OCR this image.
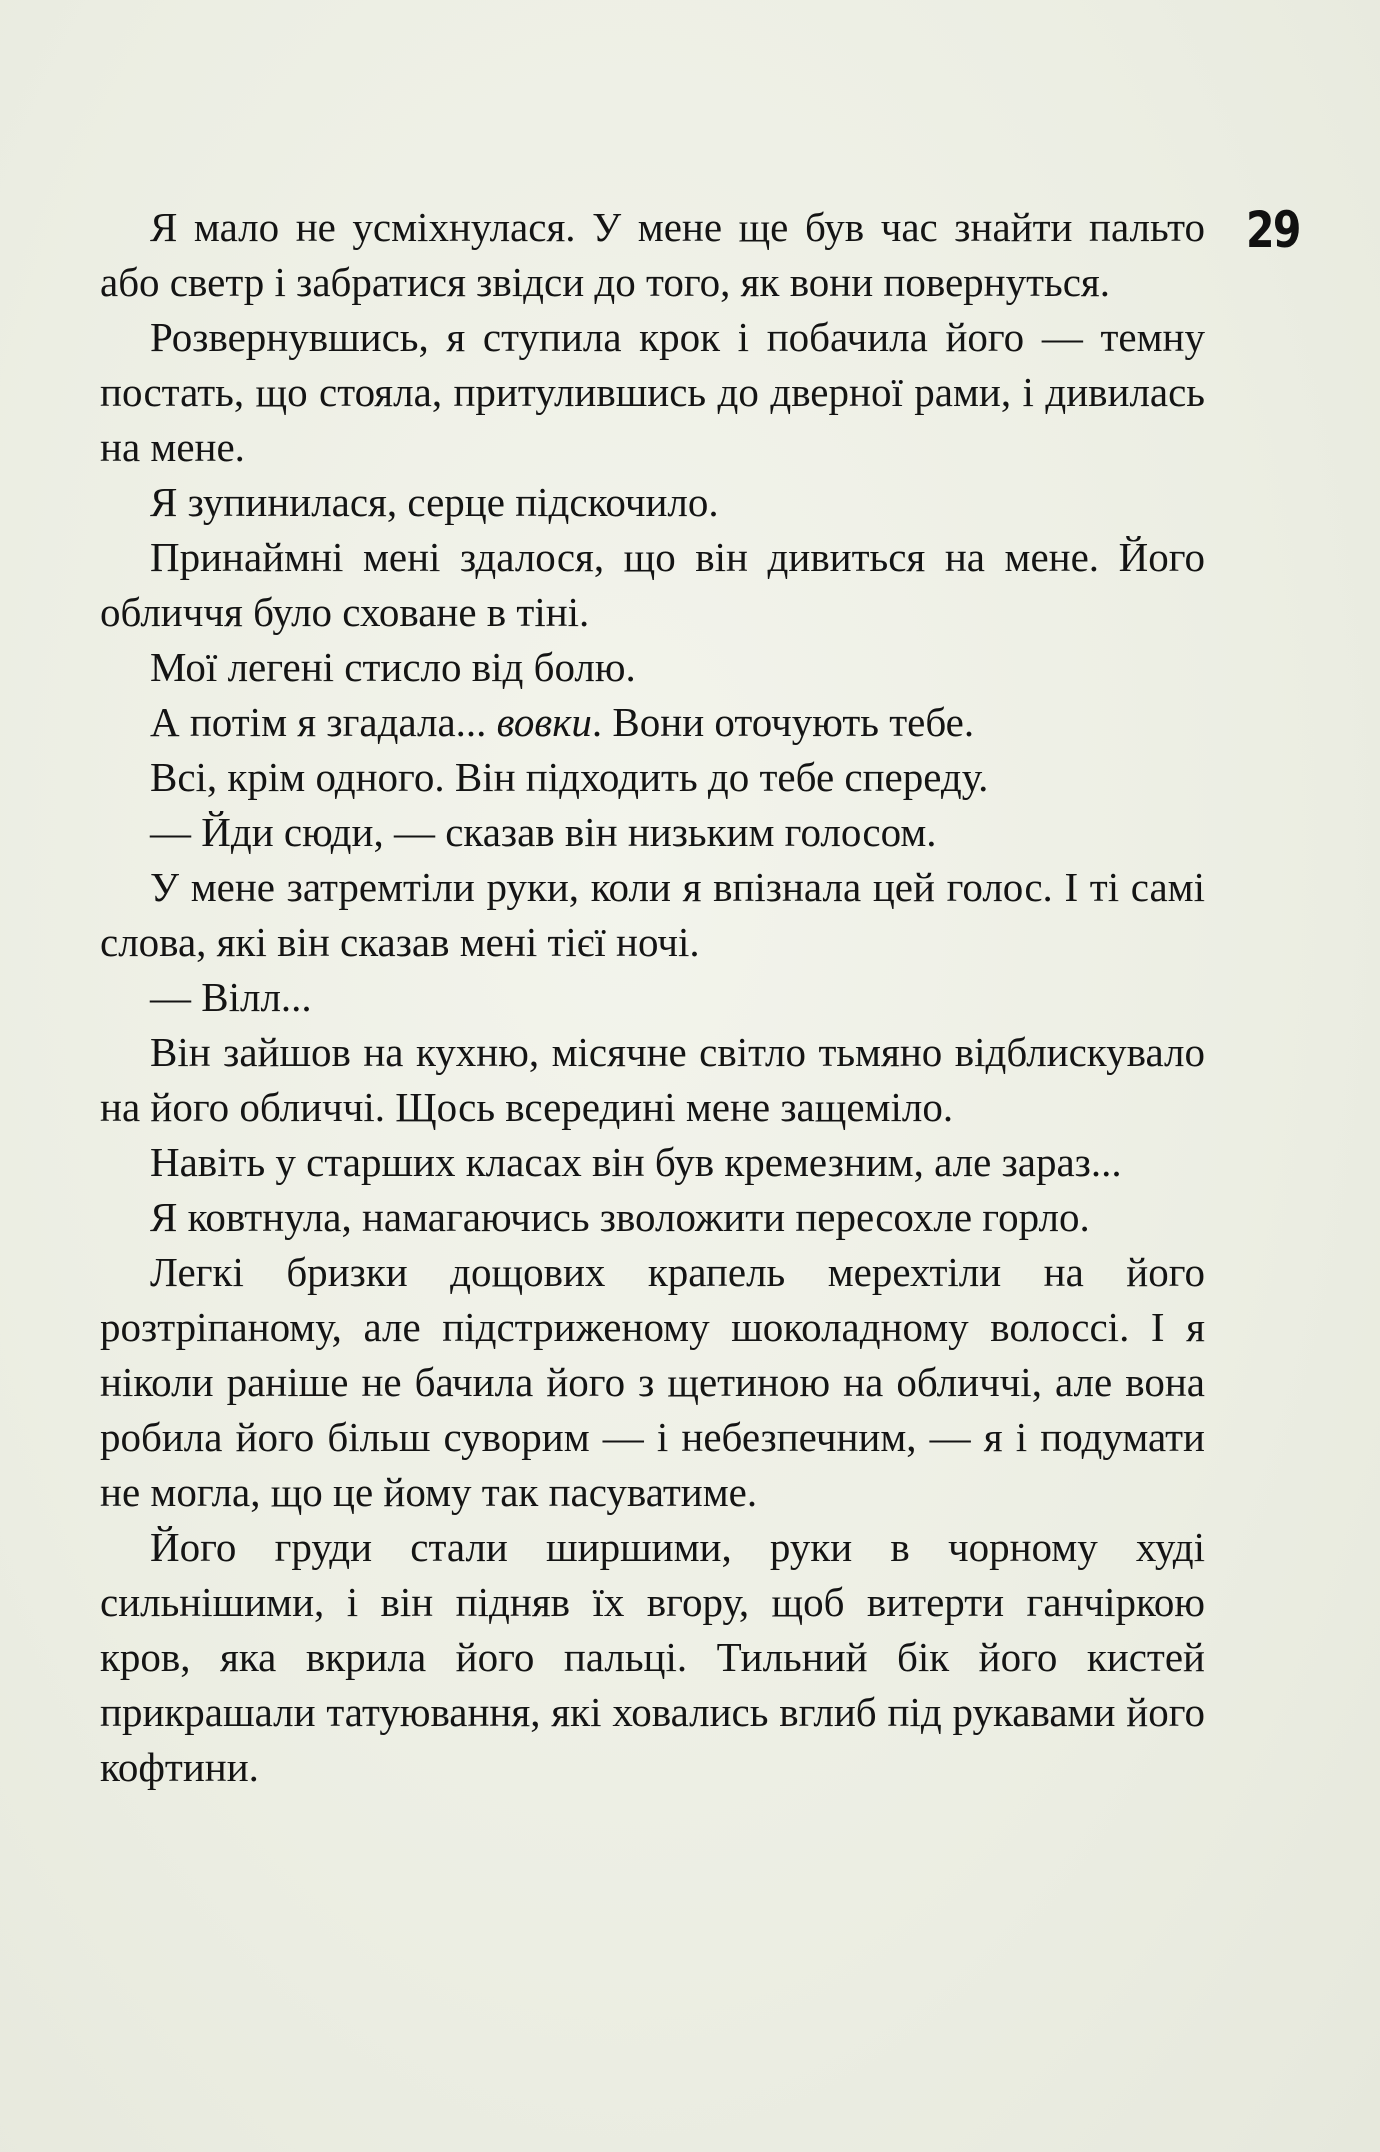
29

Я мало не усміхнулася. У мене ще був час знайти пальто або светр і забратися звідси до того, як вони повернуться.

Розвернувшись, я ступила крок і побачила його — темну постать, що стояла, притулившись до дверної рами, і дивилась на мене.

Я зупинилася, серце підскочило.

Принаймні мені здалося, що він дивиться на мене. Його обличчя було сховане в тіні.

Мої легені стисло від болю.

А потім я згадала... вовки. Вони оточують тебе.

Всі, крім одного. Він підходить до тебе спереду.

— Йди сюди, — сказав він низьким голосом.

У мене затремтіли руки, коли я впізнала цей голос. І ті самі слова, які він сказав мені тієї ночі.

— Вілл...

Він зайшов на кухню, місячне світло тьмяно відблискувало на його обличчі. Щось всередині мене защеміло.

Навіть у старших класах він був кремезним, але зараз...

Я ковтнула, намагаючись зволожити пересохле горло.

Легкі бризки дощових крапель мерехтіли на його розтріпаному, але підстриженому шоколадному волоссі. І я ніколи раніше не бачила його з щетиною на обличчі, але вона робила його більш суворим — і небезпечним, — я і подумати не могла, що це йому так пасуватиме.

Його груди стали ширшими, руки в чорному худі сильнішими, і він підняв їх вгору, щоб витерти ганчіркою кров, яка вкрила його пальці. Тильний бік його кистей прикрашали татуювання, які ховались вглиб під рукавами його кофтини.
